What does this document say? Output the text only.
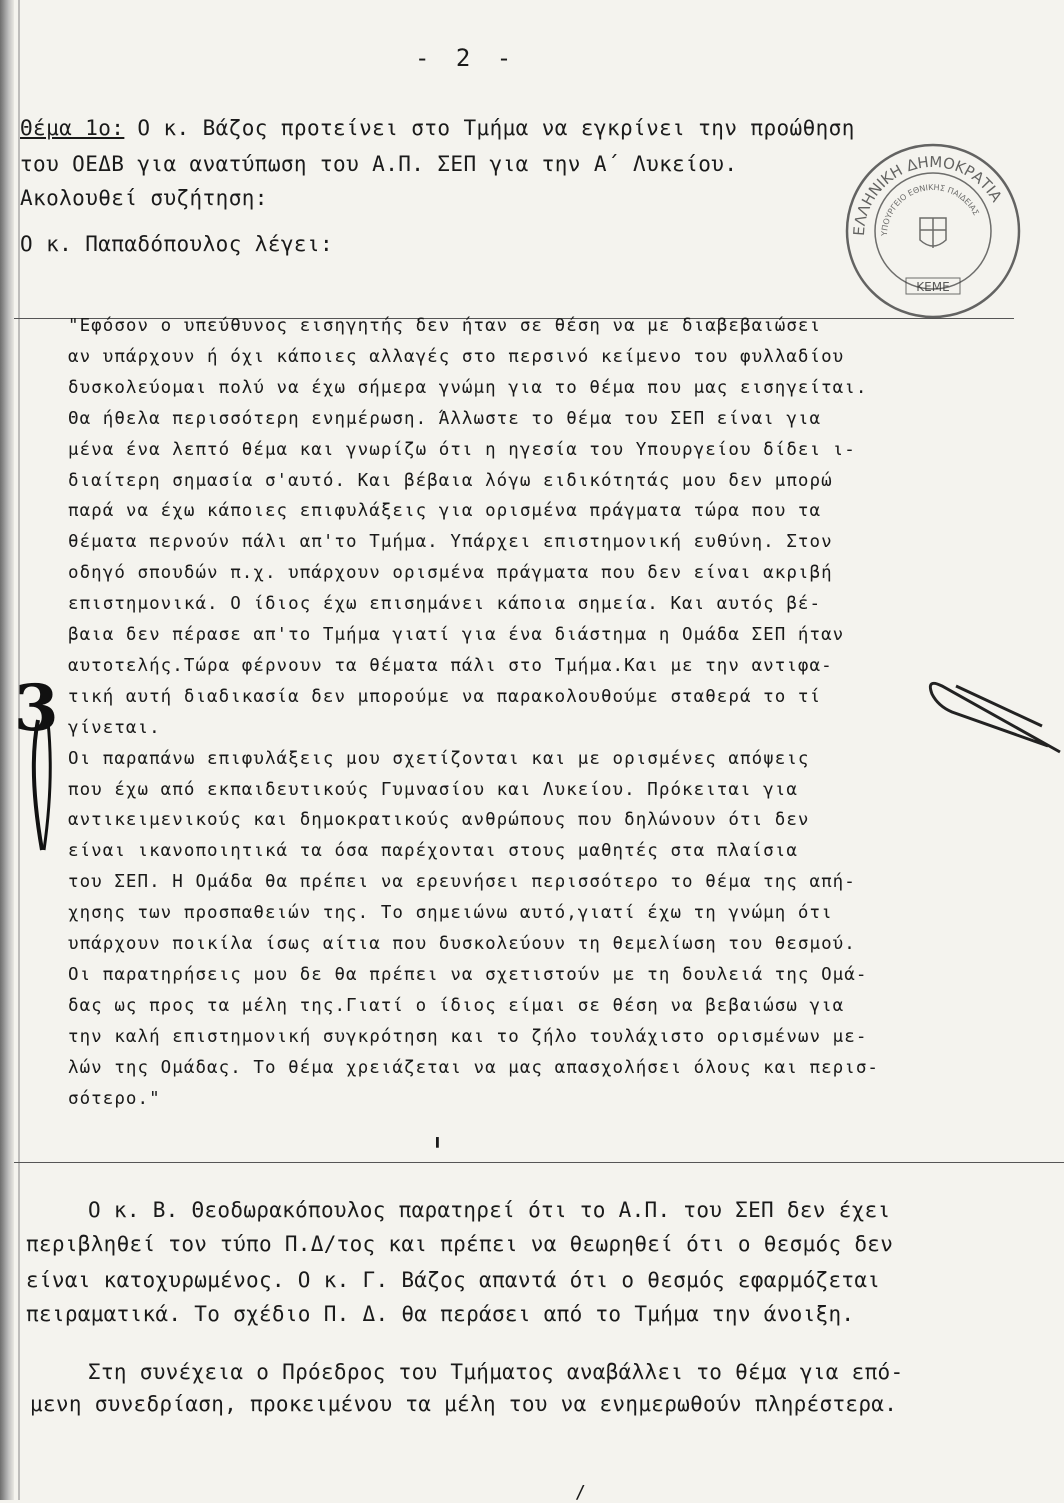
- 2 -
Θέμα 1ο: Ο κ. Βάζος προτείνει στο Τμήμα να εγκρίνει την προώθηση
του ΟΕΔΒ για ανατύπωση του Α.Π. ΣΕΠ για την Α΄ Λυκείου.
Ακολουθεί συζήτηση:
Ο κ. Παπαδόπουλος λέγει:
"Εφόσον ο υπεύθυνος εισηγητής δεν ήταν σε θέση να με διαβεβαιώσει
αν υπάρχουν ή όχι κάποιες αλλαγές στο περσινό κείμενο του φυλλαδίου
δυσκολεύομαι πολύ να έχω σήμερα γνώμη για το θέμα που μας εισηγείται.
Θα ήθελα περισσότερη ενημέρωση. Άλλωστε το θέμα του ΣΕΠ είναι για
μένα ένα λεπτό θέμα και γνωρίζω ότι η ηγεσία του Υπουργείου δίδει ι-
διαίτερη σημασία σ'αυτό. Και βέβαια λόγω ειδικότητάς μου δεν μπορώ
παρά να έχω κάποιες επιφυλάξεις για ορισμένα πράγματα τώρα που τα
θέματα περνούν πάλι απ'το Τμήμα. Υπάρχει επιστημονική ευθύνη. Στον
οδηγό σπουδών π.χ. υπάρχουν ορισμένα πράγματα που δεν είναι ακριβή
επιστημονικά. Ο ίδιος έχω επισημάνει κάποια σημεία. Και αυτός βέ-
βαια δεν πέρασε απ'το Τμήμα γιατί για ένα διάστημα η Ομάδα ΣΕΠ ήταν
αυτοτελής.Τώρα φέρνουν τα θέματα πάλι στο Τμήμα.Και με την αντιφα-
τική αυτή διαδικασία δεν μπορούμε να παρακολουθούμε σταθερά το τί
γίνεται.
Οι παραπάνω επιφυλάξεις μου σχετίζονται και με ορισμένες απόψεις
που έχω από εκπαιδευτικούς Γυμνασίου και Λυκείου. Πρόκειται για
αντικειμενικούς και δημοκρατικούς ανθρώπους που δηλώνουν ότι δεν
είναι ικανοποιητικά τα όσα παρέχονται στους μαθητές στα πλαίσια
του ΣΕΠ. Η Ομάδα θα πρέπει να ερευνήσει περισσότερο το θέμα της απή-
χησης των προσπαθειών της. Το σημειώνω αυτό,γιατί έχω τη γνώμη ότι
υπάρχουν ποικίλα ίσως αίτια που δυσκολεύουν τη θεμελίωση του θεσμού.
Οι παρατηρήσεις μου δε θα πρέπει να σχετιστούν με τη δουλειά της Ομά-
δας ως προς τα μέλη της.Γιατί ο ίδιος είμαι σε θέση να βεβαιώσω για
την καλή επιστημονική συγκρότηση και το ζήλο τουλάχιστο ορισμένων με-
λών της Ομάδας. Το θέμα χρειάζεται να μας απασχολήσει όλους και περισ-
σότερο."
╹
Ο κ. Β. Θεοδωρακόπουλος παρατηρεί ότι το Α.Π. του ΣΕΠ δεν έχει
περιβληθεί τον τύπο Π.Δ/τος και πρέπει να θεωρηθεί ότι ο θεσμός δεν
είναι κατοχυρωμένος. Ο κ. Γ. Βάζος απαντά ότι ο θεσμός εφαρμόζεται
πειραματικά. Το σχέδιο Π. Δ. θα περάσει από το Τμήμα την άνοιξη.
Στη συνέχεια ο Πρόεδρος του Τμήματος αναβάλλει το θέμα για επό-
μενη συνεδρίαση, προκειμένου τα μέλη του να ενημερωθούν πληρέστερα.
/
ΕΛΛΗΝΙΚΗ ΔΗΜΟΚΡΑΤΙΑ
ΥΠΟΥΡΓΕΙΟ ΕΘΝΙΚΗΣ ΠΑΙΔΕΙΑΣ
ΚΕΜΕ
3
